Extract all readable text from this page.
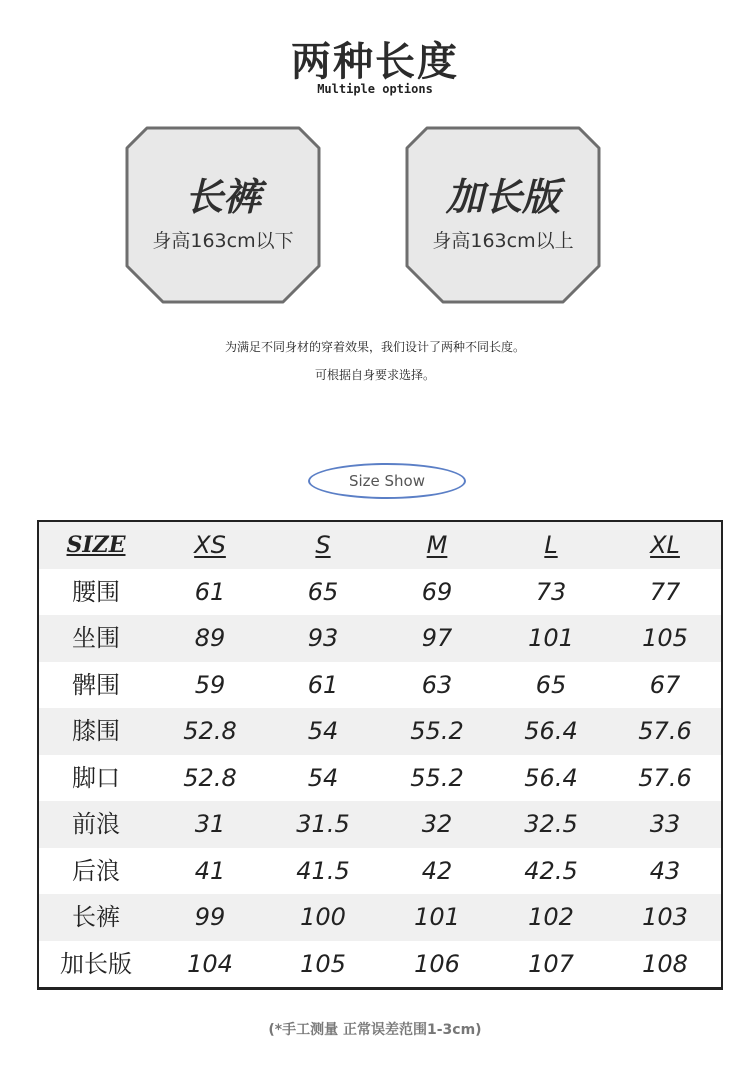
两种长度
Multiple options
长裤
身高163cm以下
加长版
身高163cm以上
为满足不同身材的穿着效果，我们设计了两种不同长度。
可根据自身要求选择。
Size Show
SIZE	XS	S	M	L	XL
腰围	61	65	69	73	77
坐围	89	93	97	101	105
髀围	59	61	63	65	67
膝围	52.8	54	55.2	56.4	57.6
脚口	52.8	54	55.2	56.4	57.6
前浪	31	31.5	32	32.5	33
后浪	41	41.5	42	42.5	43
长裤	99	100	101	102	103
加长版	104	105	106	107	108
(*手工测量 正常误差范围1-3cm)
